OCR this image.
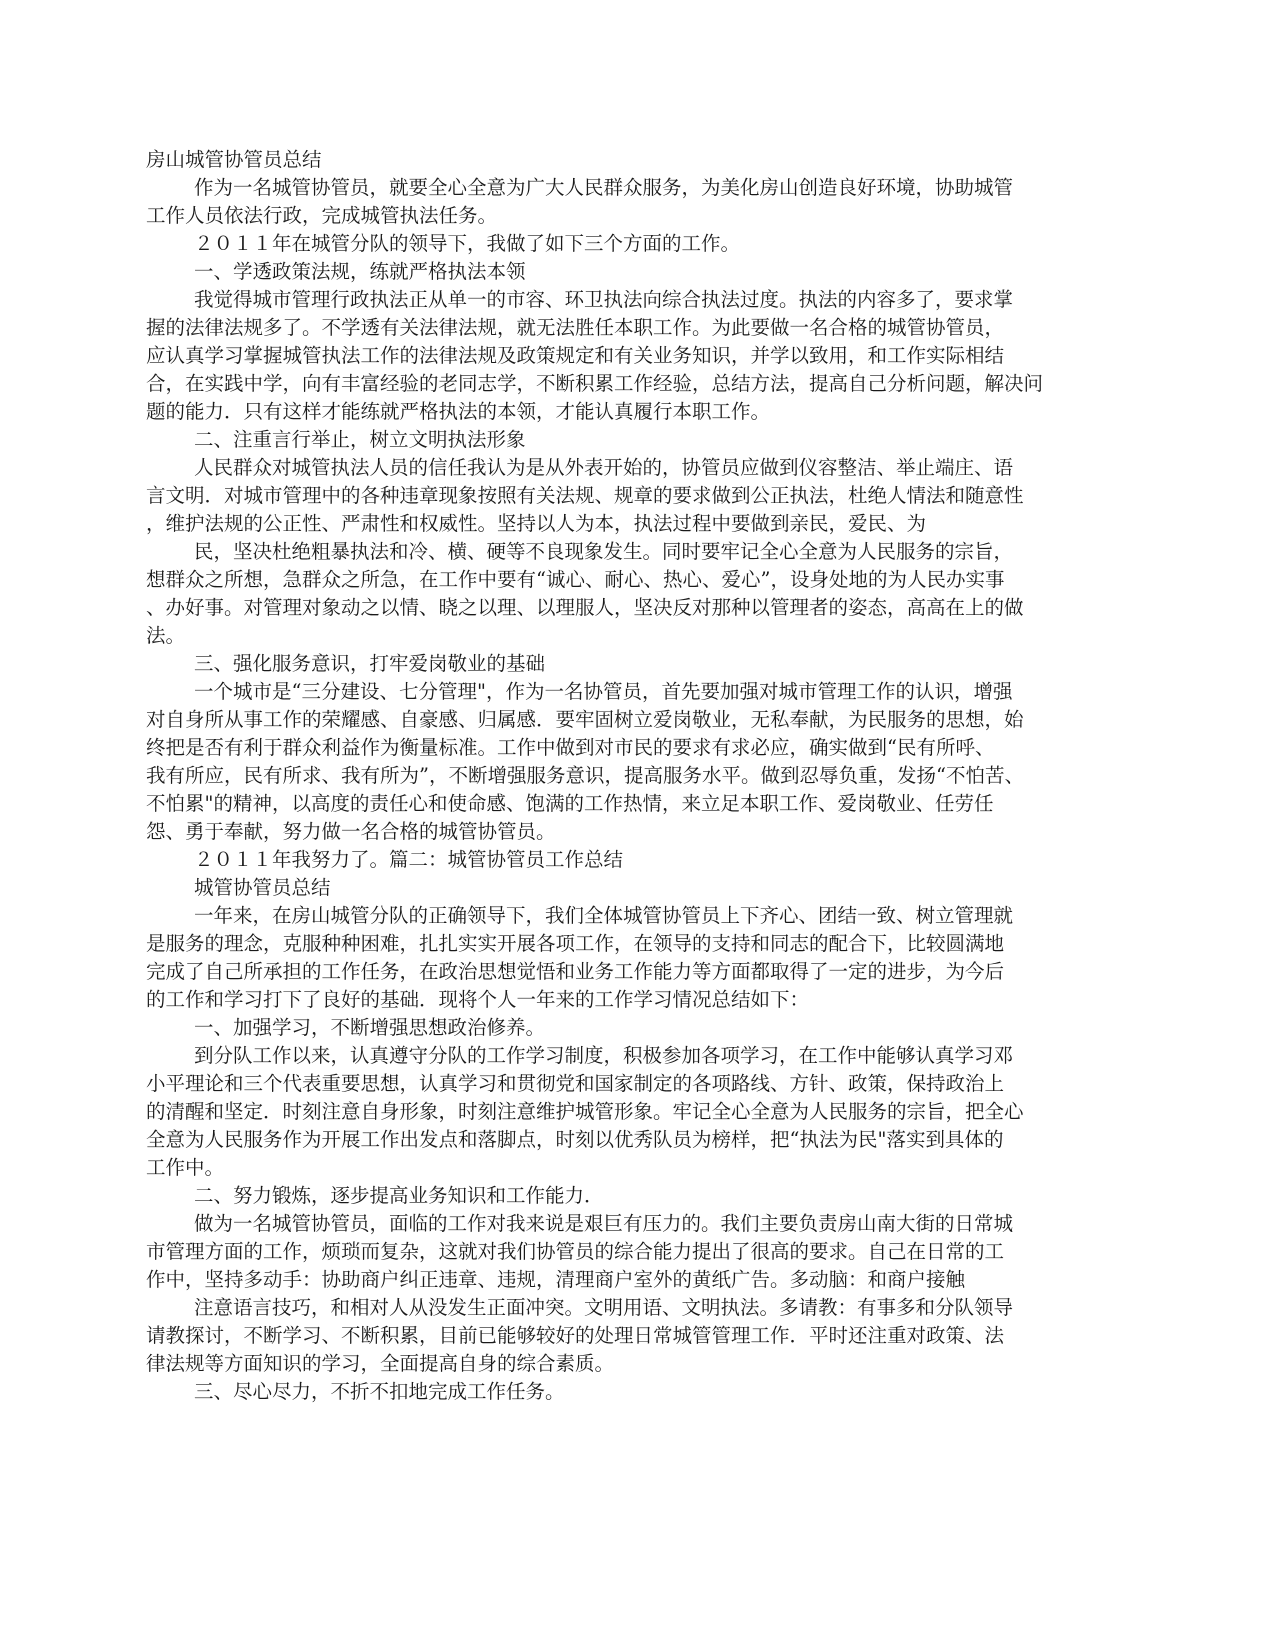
房山城管协管员总结
作为一名城管协管员，就要全心全意为广大人民群众服务，为美化房山创造良好环境，协助城管
工作人员依法行政，完成城管执法任务。
２０１１年在城管分队的领导下，我做了如下三个方面的工作。
一、学透政策法规，练就严格执法本领
我觉得城市管理行政执法正从单一的市容、环卫执法向综合执法过度。执法的内容多了，要求掌
握的法律法规多了。不学透有关法律法规，就无法胜任本职工作。为此要做一名合格的城管协管员，
应认真学习掌握城管执法工作的法律法规及政策规定和有关业务知识，并学以致用，和工作实际相结
合，在实践中学，向有丰富经验的老同志学，不断积累工作经验，总结方法，提高自己分析问题，解决问
题的能力．只有这样才能练就严格执法的本领，才能认真履行本职工作。
二、注重言行举止，树立文明执法形象
人民群众对城管执法人员的信任我认为是从外表开始的，协管员应做到仪容整洁、举止端庄、语
言文明．对城市管理中的各种违章现象按照有关法规、规章的要求做到公正执法，杜绝人情法和随意性
，维护法规的公正性、严肃性和权威性。坚持以人为本，执法过程中要做到亲民，爱民、为
民，坚决杜绝粗暴执法和冷、横、硬等不良现象发生。同时要牢记全心全意为人民服务的宗旨，
想群众之所想，急群众之所急，在工作中要有“诚心、耐心、热心、爱心”，设身处地的为人民办实事
、办好事。对管理对象动之以情、晓之以理、以理服人，坚决反对那种以管理者的姿态，高高在上的做
法。
三、强化服务意识，打牢爱岗敬业的基础
一个城市是“三分建设、七分管理"，作为一名协管员，首先要加强对城市管理工作的认识，增强
对自身所从事工作的荣耀感、自豪感、归属感．要牢固树立爱岗敬业，无私奉献，为民服务的思想，始
终把是否有利于群众利益作为衡量标准。工作中做到对市民的要求有求必应，确实做到“民有所呼、
我有所应，民有所求、我有所为”，不断增强服务意识，提高服务水平。做到忍辱负重，发扬“不怕苦、
不怕累"的精神，以高度的责任心和使命感、饱满的工作热情，来立足本职工作、爱岗敬业、任劳任
怨、勇于奉献，努力做一名合格的城管协管员。
２０１１年我努力了。篇二：城管协管员工作总结
城管协管员总结
一年来，在房山城管分队的正确领导下，我们全体城管协管员上下齐心、团结一致、树立管理就
是服务的理念，克服种种困难，扎扎实实开展各项工作，在领导的支持和同志的配合下，比较圆满地
完成了自己所承担的工作任务，在政治思想觉悟和业务工作能力等方面都取得了一定的进步，为今后
的工作和学习打下了良好的基础．现将个人一年来的工作学习情况总结如下：
一、加强学习，不断增强思想政治修养。
到分队工作以来，认真遵守分队的工作学习制度，积极参加各项学习，在工作中能够认真学习邓
小平理论和三个代表重要思想，认真学习和贯彻党和国家制定的各项路线、方针、政策，保持政治上
的清醒和坚定．时刻注意自身形象，时刻注意维护城管形象。牢记全心全意为人民服务的宗旨，把全心
全意为人民服务作为开展工作出发点和落脚点，时刻以优秀队员为榜样，把“执法为民"落实到具体的
工作中。
二、努力锻炼，逐步提高业务知识和工作能力．
做为一名城管协管员，面临的工作对我来说是艰巨有压力的。我们主要负责房山南大街的日常城
市管理方面的工作，烦琐而复杂，这就对我们协管员的综合能力提出了很高的要求。自己在日常的工
作中，坚持多动手：协助商户纠正违章、违规，清理商户室外的黄纸广告。多动脑：和商户接触
注意语言技巧，和相对人从没发生正面冲突。文明用语、文明执法。多请教：有事多和分队领导
请教探讨，不断学习、不断积累，目前已能够较好的处理日常城管管理工作．平时还注重对政策、法
律法规等方面知识的学习，全面提高自身的综合素质。
三、尽心尽力，不折不扣地完成工作任务。
